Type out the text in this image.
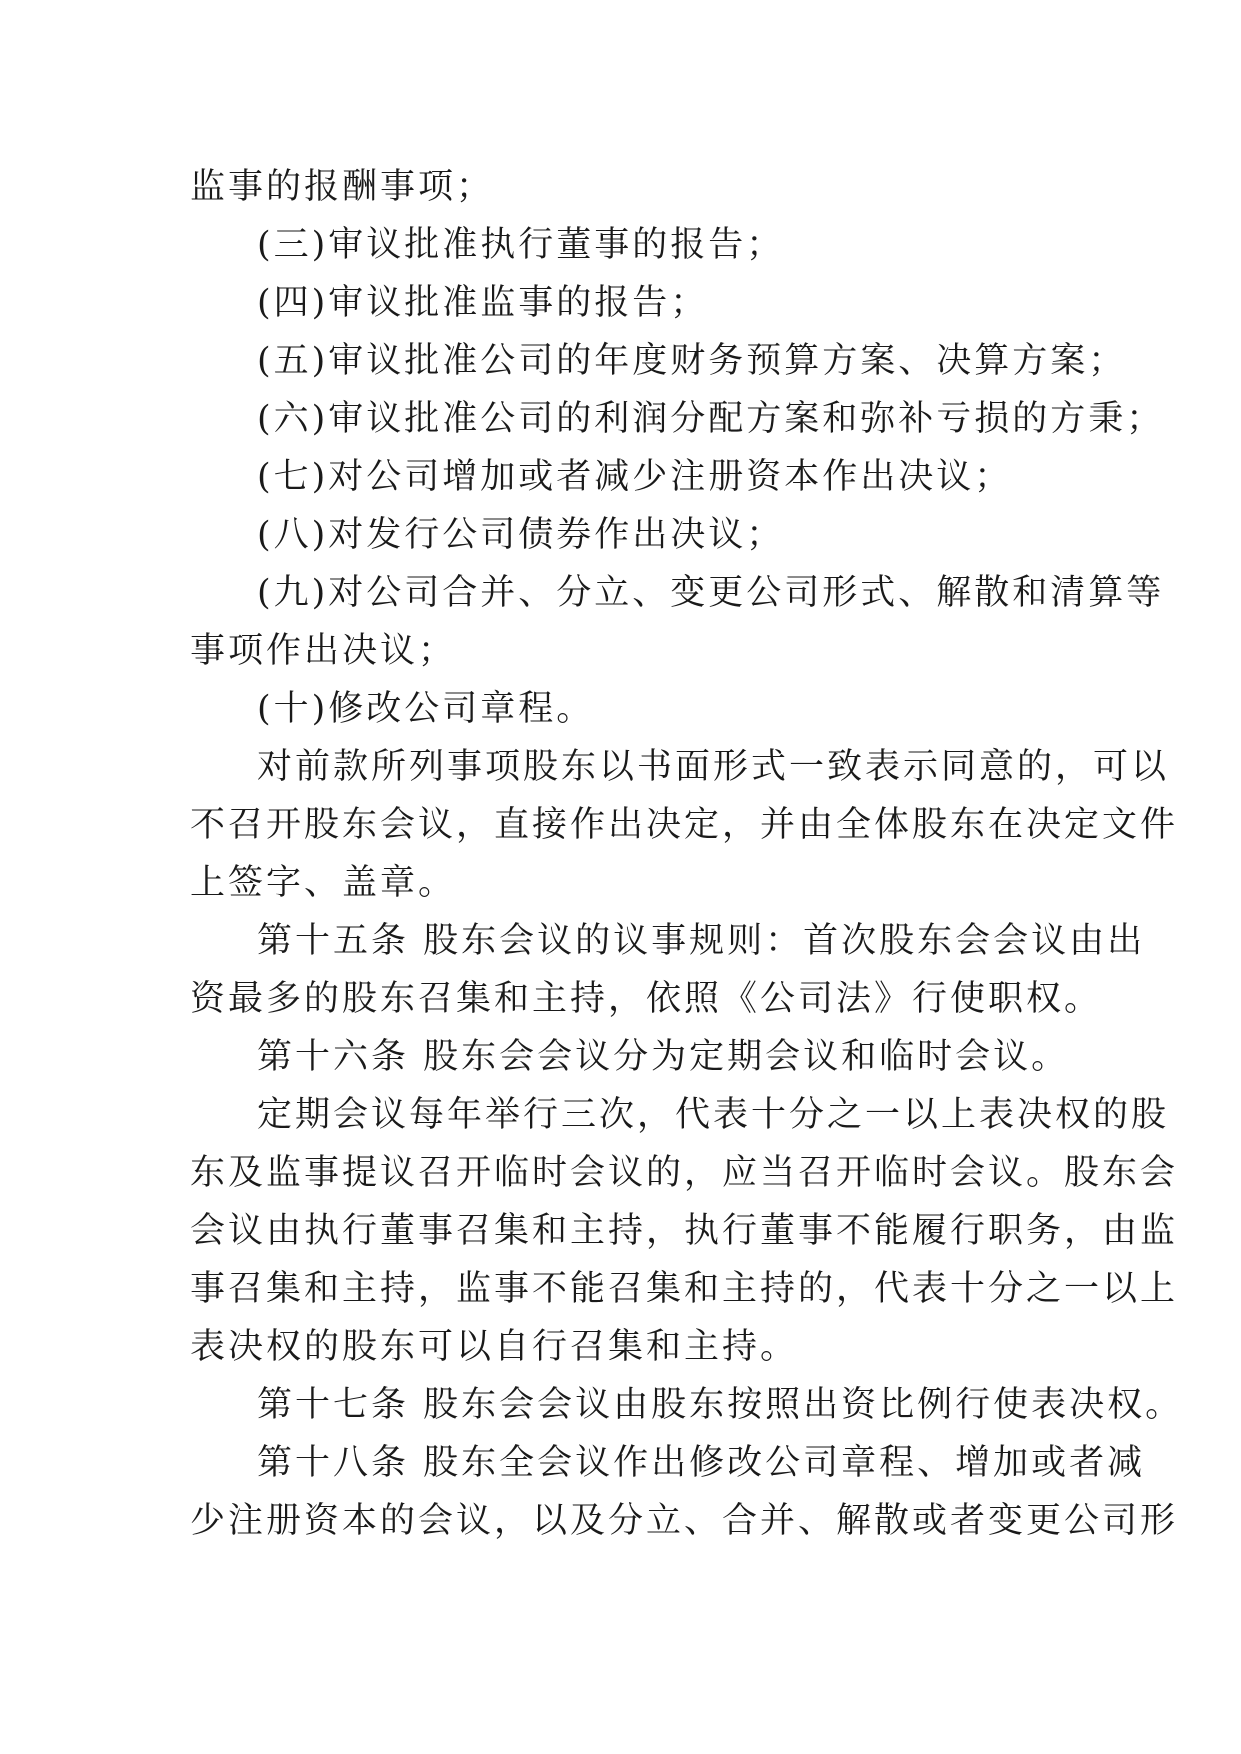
监事的报酬事项；
(三)审议批准执行董事的报告；
(四)审议批准监事的报告；
(五)审议批准公司的年度财务预算方案、决算方案；
(六)审议批准公司的利润分配方案和弥补亏损的方秉；
(七)对公司增加或者减少注册资本作出决议；
(八)对发行公司债券作出决议；
(九)对公司合并、分立、变更公司形式、解散和清算等
事项作出决议；
(十)修改公司章程。
对前款所列事项股东以书面形式一致表示同意的，可以
不召开股东会议，直接作出决定，并由全体股东在决定文件
上签字、盖章。
第十五条 股东会议的议事规则：首次股东会会议由出
资最多的股东召集和主持，依照《公司法》行使职权。
第十六条 股东会会议分为定期会议和临时会议。
定期会议每年举行三次，代表十分之一以上表决权的股
东及监事提议召开临时会议的，应当召开临时会议。股东会
会议由执行董事召集和主持，执行董事不能履行职务，由监
事召集和主持，监事不能召集和主持的，代表十分之一以上
表决权的股东可以自行召集和主持。
第十七条 股东会会议由股东按照出资比例行使表决权。
第十八条 股东全会议作出修改公司章程、增加或者减
少注册资本的会议，以及分立、合并、解散或者变更公司形
